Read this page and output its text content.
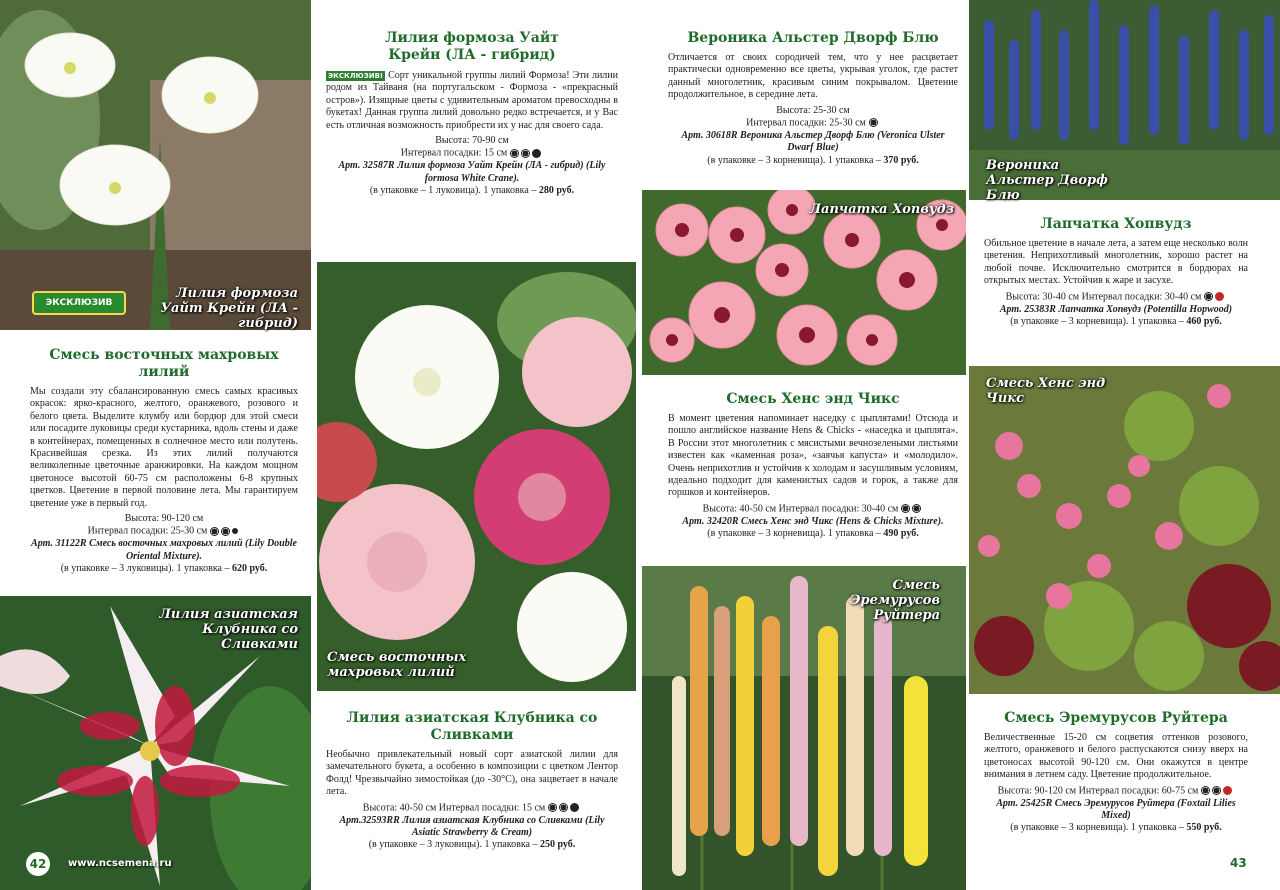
ЭКСКЛЮЗИВ
Лилия формоза Уайт Крейн (ЛА - гибрид)
Смесь восточных махровых лилий
Мы создали эту сбалансированную смесь самых красивых окрасок: ярко-красного, желтого, оранжевого, розового и белого цвета. Выделите клумбу или бордюр для этой смеси или посадите луковицы среди кустарника, вдоль стены и даже в контейнерах, помещенных в солнечное место или полутень. Красивейшая срезка. Из этих лилий получаются великолепные цветочные аранжировки. На каждом мощном цветоносе высотой 60-75 см расположены 6-8 крупных цветков. Цветение в первой половине лета. Мы гарантируем цветение уже в первый год.
Высота: 90-120 см
Интервал посадки: 25-30 см
Арт. 31122R Смесь восточных махровых лилий (Lily Double Oriental Mixture).
(в упаковке – 3 луковицы). 1 упаковка – 620 руб.
Лилия азиатская Клубника со Сливками
42	www.ncsemena.ru
Лилия формоза Уайт Крейн (ЛА - гибрид)
ЭКСКЛЮЗИВ! Сорт уникальной группы лилий Формоза! Эти лилии родом из Тайваня (на португальском - Формоза - «прекрасный остров»). Изящные цветы с удивительным ароматом превосходны в букетах! Данная группа лилий довольно редко встречается, и у Вас есть отличная возможность приобрести их у нас для своего сада.
Высота: 70-90 см
Интервал посадки: 15 см
Арт. 32587R Лилия формоза Уайт Крейн (ЛА - гибрид) (Lily formosa White Crane).
(в упаковке – 1 луковица). 1 упаковка – 280 руб.
Смесь восточных махровых лилий
Лилия азиатская Клубника со Сливками
Необычно привлекательный новый сорт азиатской лилии для замечательного букета, а особенно в композиции с цветком Лентор Фолд! Чрезвычайно зимостойкая (до -30°С), она зацветает в начале лета.
Высота: 40-50 см Интервал посадки: 15 см
Арт.32593RR Лилия азиатская Клубника со Сливками (Lily Asiatic Strawberry & Cream)
(в упаковке – 3 луковицы). 1 упаковка – 250 руб.
Вероника Альстер Дворф Блю
Отличается от своих сородичей тем, что у нее расцветает практически одновременно все цветы, укрывая уголок, где растет данный многолетник, красивым синим покрывалом. Цветение продолжительное, в середине лета.
Высота: 25-30 см
Интервал посадки: 25-30 см
Арт. 30618R Вероника Альстер Дворф Блю (Veronica Ulster Dwarf Blue)
(в упаковке – 3 корневища). 1 упаковка – 370 руб.
Лапчатка Хопвудз
Смесь Хенс энд Чикс
В момент цветения напоминает наседку с цыплятами! Отсюда и пошло английское название Hens & Chicks - «наседка и цыплята». В России этот многолетник с мясистыми вечнозелеными листьями известен как «каменная роза», «заячья капуста» и «молодило». Очень неприхотлив и устойчив к холодам и засушливым условиям, идеально подходит для каменистых садов и горок, а также для горшков и контейнеров.
Высота: 40-50 см Интервал посадки: 30-40 см
Арт. 32420R Смесь Хенс энд Чикс (Hens & Chicks Mixture).
(в упаковке – 3 корневища). 1 упаковка – 490 руб.
Смесь Эремурусов Руйтера
Вероника Альстер Дворф Блю
Лапчатка Хопвудз
Обильное цветение в начале лета, а затем еще несколько волн цветения. Неприхотливый многолетник, хорошо растет на любой почве. Исключительно смотрится в бордюрах на открытых местах. Устойчив к жаре и засухе.
Высота: 30-40 см Интервал посадки: 30-40 см
Арт. 25383R Лапчатка Хопвудз (Potentilla Hopwood)
(в упаковке – 3 корневища). 1 упаковка – 460 руб.
Смесь Хенс энд Чикс
Смесь Эремурусов Руйтера
Величественные 15-20 см соцветия оттенков розового, желтого, оранжевого и белого распускаются снизу вверх на цветоносах высотой 90-120 см. Они окажутся в центре внимания в летнем саду. Цветение продолжительное.
Высота: 90-120 см Интервал посадки: 60-75 см
Арт. 25425R Смесь Эремурусов Руйтера (Foxtail Lilies Mixed)
(в упаковке – 3 корневища). 1 упаковка – 550 руб.
43
